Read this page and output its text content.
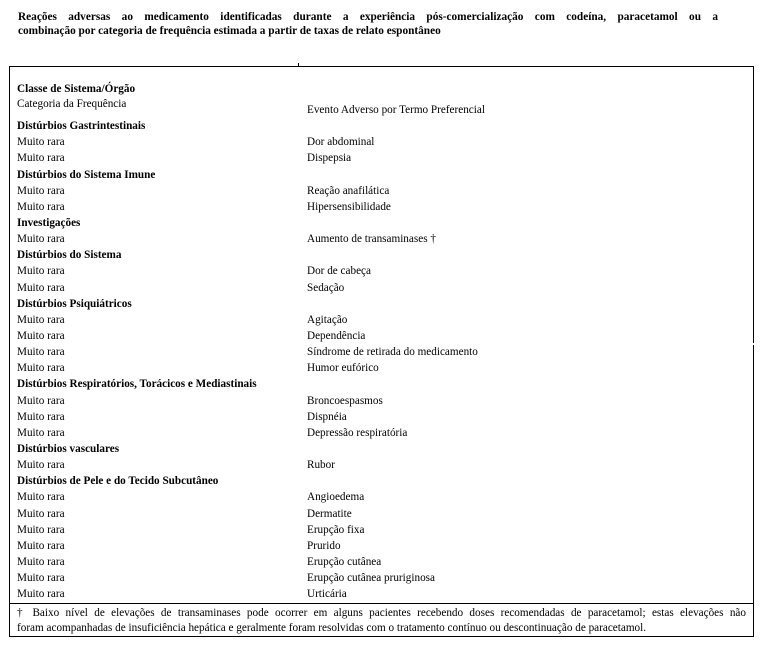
Reações adversas ao medicamento identificadas durante a experiência pós-comercialização com codeína, paracetamol ou a
combinação por categoria de frequência estimada a partir de taxas de relato espontâneo
Classe de Sistema/Órgão
Categoria da Frequência	Evento Adverso por Termo Preferencial
Distúrbios Gastrintestinais
Muito rara	Dor abdominal
Muito rara	Dispepsia
Distúrbios do Sistema Imune
Muito rara	Reação anafilática
Muito rara	Hipersensibilidade
Investigações
Muito rara	Aumento de transaminases †
Distúrbios do Sistema
Muito rara	Dor de cabeça
Muito rara	Sedação
Distúrbios Psiquiátricos
Muito rara	Agitação
Muito rara	Dependência
Muito rara	Síndrome de retirada do medicamento
Muito rara	Humor eufórico
Distúrbios Respiratórios, Torácicos e Mediastinais
Muito rara	Broncoespasmos
Muito rara	Dispnéia
Muito rara	Depressão respiratória
Distúrbios vasculares
Muito rara	Rubor
Distúrbios de Pele e do Tecido Subcutâneo
Muito rara	Angioedema
Muito rara	Dermatite
Muito rara	Erupção fixa
Muito rara	Prurido
Muito rara	Erupção cutânea
Muito rara	Erupção cutânea pruriginosa
Muito rara	Urticária
† Baixo nível de elevações de transaminases pode ocorrer em alguns pacientes recebendo doses recomendadas de paracetamol; estas elevações não
foram acompanhadas de insuficiência hepática e geralmente foram resolvidas com o tratamento contínuo ou descontinuação de paracetamol.
